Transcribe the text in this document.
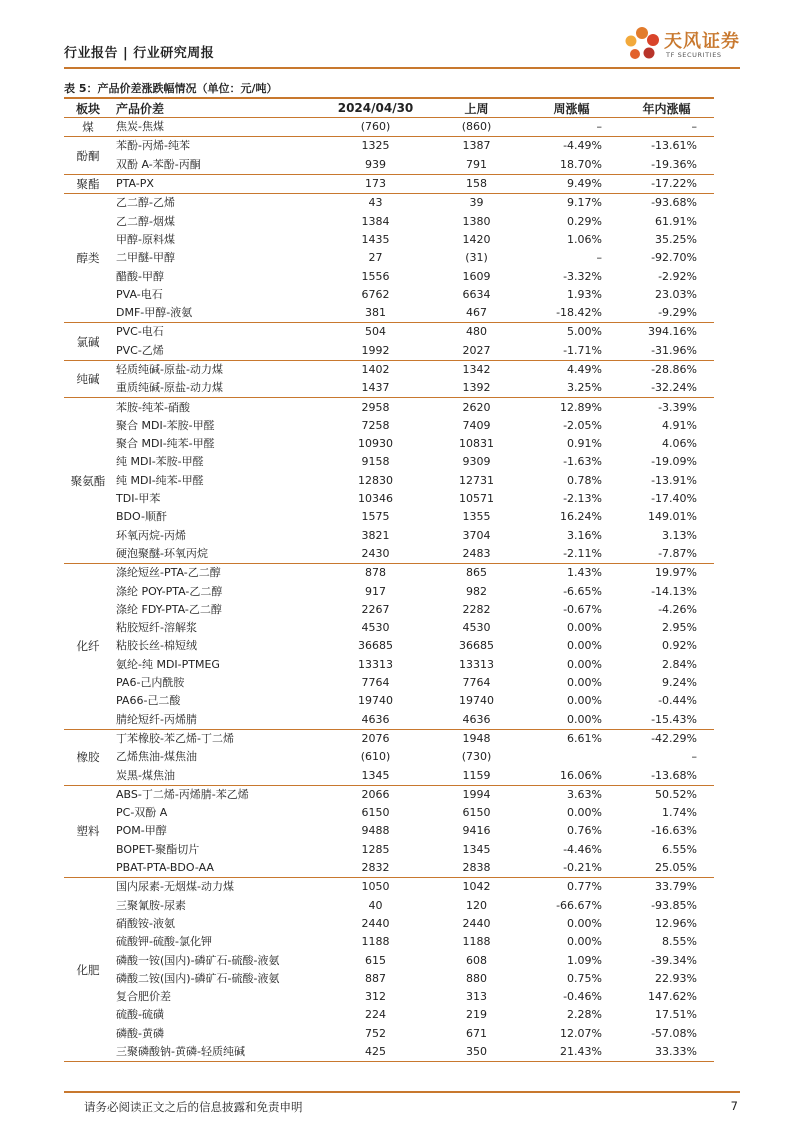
行业报告 | 行业研究周报
天风证券
TF SECURITIES
表 5：产品价差涨跌幅情况（单位：元/吨）
板块	产品价差	2024/04/30	上周	周涨幅	年内涨幅
煤	焦炭-焦煤	(760)	(860)	–	–
酚酮	苯酚-丙烯-纯苯	1325	1387	-4.49%	-13.61%
	双酚 A-苯酚-丙酮	939	791	18.70%	-19.36%
聚酯	PTA-PX	173	158	9.49%	-17.22%
醇类	乙二醇-乙烯	43	39	9.17%	-93.68%
	乙二醇-烟煤	1384	1380	0.29%	61.91%
	甲醇-原料煤	1435	1420	1.06%	35.25%
	二甲醚-甲醇	27	(31)	–	-92.70%
	醋酸-甲醇	1556	1609	-3.32%	-2.92%
	PVA-电石	6762	6634	1.93%	23.03%
	DMF-甲醇-液氨	381	467	-18.42%	-9.29%
氯碱	PVC-电石	504	480	5.00%	394.16%
	PVC-乙烯	1992	2027	-1.71%	-31.96%
纯碱	轻质纯碱-原盐-动力煤	1402	1342	4.49%	-28.86%
	重质纯碱-原盐-动力煤	1437	1392	3.25%	-32.24%
聚氨酯	苯胺-纯苯-硝酸	2958	2620	12.89%	-3.39%
	聚合 MDI-苯胺-甲醛	7258	7409	-2.05%	4.91%
	聚合 MDI-纯苯-甲醛	10930	10831	0.91%	4.06%
	纯 MDI-苯胺-甲醛	9158	9309	-1.63%	-19.09%
	纯 MDI-纯苯-甲醛	12830	12731	0.78%	-13.91%
	TDI-甲苯	10346	10571	-2.13%	-17.40%
	BDO-顺酐	1575	1355	16.24%	149.01%
	环氧丙烷-丙烯	3821	3704	3.16%	3.13%
	硬泡聚醚-环氧丙烷	2430	2483	-2.11%	-7.87%
化纤	涤纶短丝-PTA-乙二醇	878	865	1.43%	19.97%
	涤纶 POY-PTA-乙二醇	917	982	-6.65%	-14.13%
	涤纶 FDY-PTA-乙二醇	2267	2282	-0.67%	-4.26%
	粘胶短纤-溶解浆	4530	4530	0.00%	2.95%
	粘胶长丝-棉短绒	36685	36685	0.00%	0.92%
	氨纶-纯 MDI-PTMEG	13313	13313	0.00%	2.84%
	PA6-己内酰胺	7764	7764	0.00%	9.24%
	PA66-己二酸	19740	19740	0.00%	-0.44%
	腈纶短纤-丙烯腈	4636	4636	0.00%	-15.43%
橡胶	丁苯橡胶-苯乙烯-丁二烯	2076	1948	6.61%	-42.29%
	乙烯焦油-煤焦油	(610)	(730)		–
	炭黑-煤焦油	1345	1159	16.06%	-13.68%
塑料	ABS-丁二烯-丙烯腈-苯乙烯	2066	1994	3.63%	50.52%
	PC-双酚 A	6150	6150	0.00%	1.74%
	POM-甲醇	9488	9416	0.76%	-16.63%
	BOPET-聚酯切片	1285	1345	-4.46%	6.55%
	PBAT-PTA-BDO-AA	2832	2838	-0.21%	25.05%
化肥	国内尿素-无烟煤-动力煤	1050	1042	0.77%	33.79%
	三聚氰胺-尿素	40	120	-66.67%	-93.85%
	硝酸铵-液氨	2440	2440	0.00%	12.96%
	硫酸钾-硫酸-氯化钾	1188	1188	0.00%	8.55%
	磷酸一铵(国内)-磷矿石-硫酸-液氨	615	608	1.09%	-39.34%
	磷酸二铵(国内)-磷矿石-硫酸-液氨	887	880	0.75%	22.93%
	复合肥价差	312	313	-0.46%	147.62%
	硫酸-硫磺	224	219	2.28%	17.51%
	磷酸-黄磷	752	671	12.07%	-57.08%
	三聚磷酸钠-黄磷-轻质纯碱	425	350	21.43%	33.33%
请务必阅读正文之后的信息披露和免责申明	7
